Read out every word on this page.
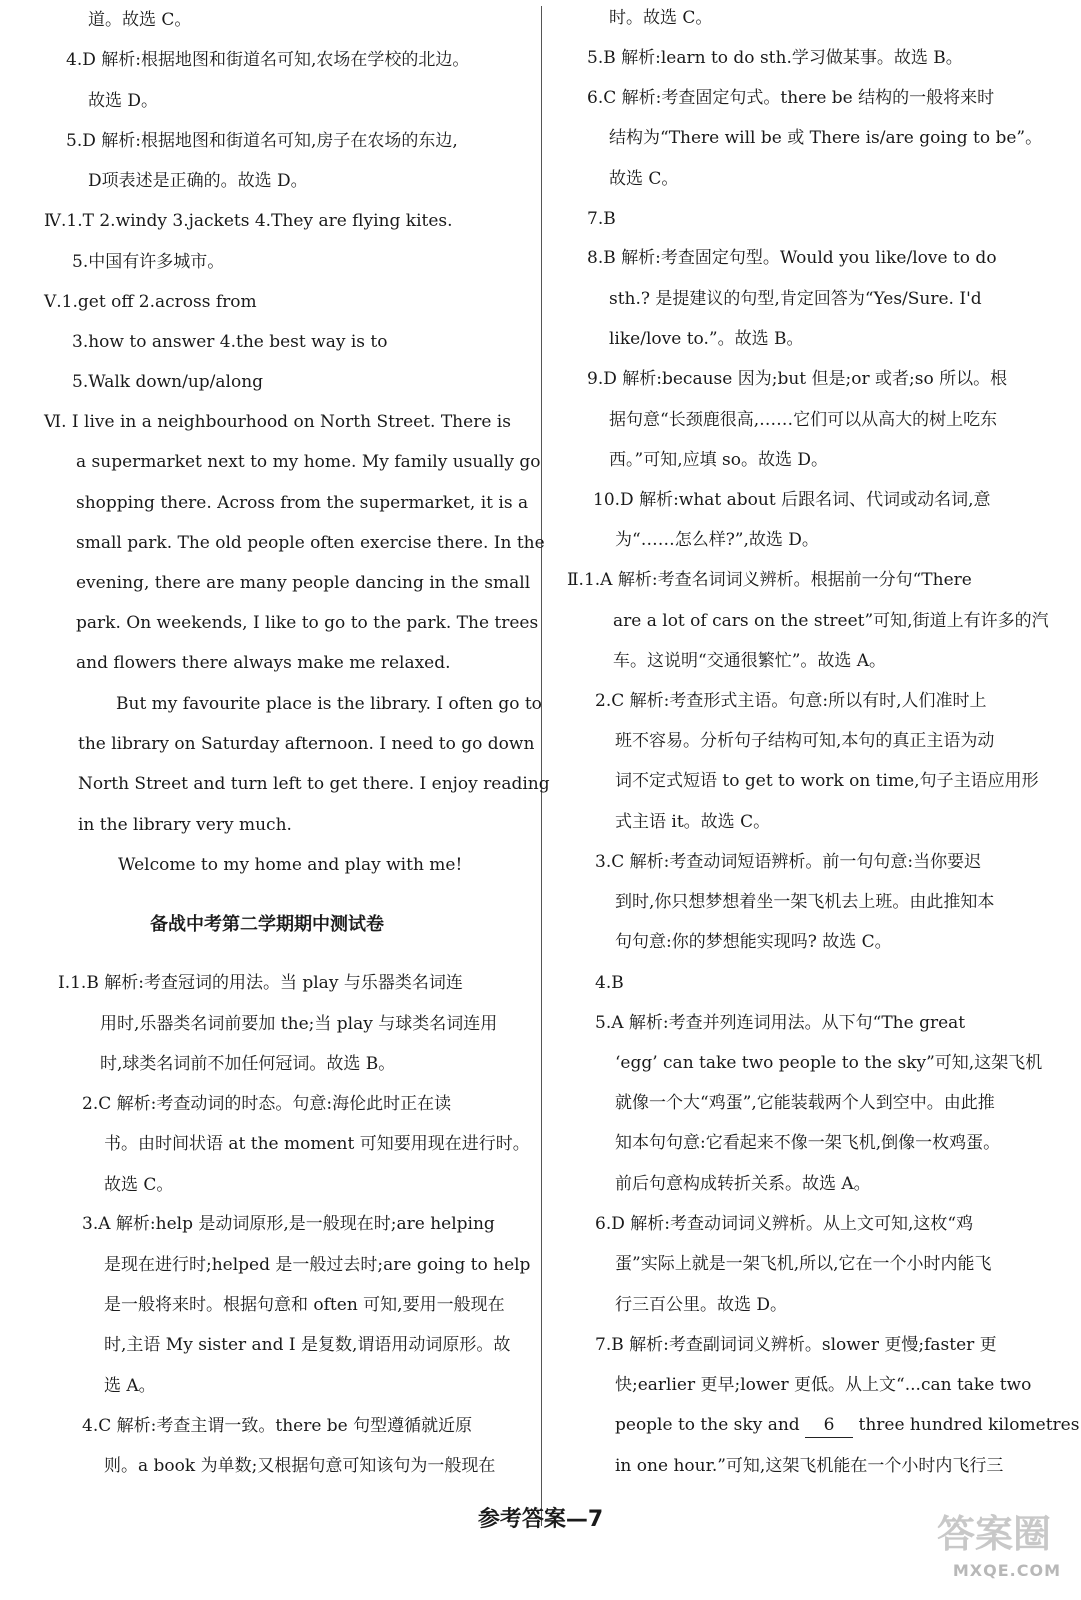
道。故选 C。
4.D 解析:根据地图和街道名可知,农场在学校的北边。
故选 D。
5.D 解析:根据地图和街道名可知,房子在农场的东边,
D项表述是正确的。故选 D。
Ⅳ.1.T 2.windy 3.jackets 4.They are flying kites.
5.中国有许多城市。
Ⅴ.1.get off 2.across from
3.how to answer 4.the best way is to
5.Walk down/up/along
Ⅵ. I live in a neighbourhood on North Street. There is
a supermarket next to my home. My family usually go
shopping there. Across from the supermarket, it is a
small park. The old people often exercise there. In the
evening, there are many people dancing in the small
park. On weekends, I like to go to the park. The trees
and flowers there always make me relaxed.
But my favourite place is the library. I often go to
the library on Saturday afternoon. I need to go down
North Street and turn left to get there. I enjoy reading
in the library very much.
Welcome to my home and play with me!
Ⅰ.1.B 解析:考查冠词的用法。当 play 与乐器类名词连
用时,乐器类名词前要加 the;当 play 与球类名词连用
时,球类名词前不加任何冠词。故选 B。
2.C 解析:考查动词的时态。句意:海伦此时正在读
书。由时间状语 at the moment 可知要用现在进行时。
故选 C。
3.A 解析:help 是动词原形,是一般现在时;are helping
是现在进行时;helped 是一般过去时;are going to help
是一般将来时。根据句意和 often 可知,要用一般现在
时,主语 My sister and I 是复数,谓语用动词原形。故
选 A。
4.C 解析:考查主谓一致。there be 句型遵循就近原
则。a book 为单数;又根据句意可知该句为一般现在
时。故选 C。
5.B 解析:learn to do sth.学习做某事。故选 B。
6.C 解析:考查固定句式。there be 结构的一般将来时
结构为“There will be 或 There is/are going to be”。
故选 C。
7.B
8.B 解析:考查固定句型。Would you like/love to do
sth.? 是提建议的句型,肯定回答为“Yes/Sure. I'd
like/love to.”。故选 B。
9.D 解析:because 因为;but 但是;or 或者;so 所以。根
据句意“长颈鹿很高,……它们可以从高大的树上吃东
西。”可知,应填 so。故选 D。
10.D 解析:what about 后跟名词、代词或动名词,意
为“……怎么样?”,故选 D。
Ⅱ.1.A 解析:考查名词词义辨析。根据前一分句“There
are a lot of cars on the street”可知,街道上有许多的汽
车。这说明“交通很繁忙”。故选 A。
2.C 解析:考查形式主语。句意:所以有时,人们准时上
班不容易。分析句子结构可知,本句的真正主语为动
词不定式短语 to get to work on time,句子主语应用形
式主语 it。故选 C。
3.C 解析:考查动词短语辨析。前一句句意:当你要迟
到时,你只想梦想着坐一架飞机去上班。由此推知本
句句意:你的梦想能实现吗? 故选 C。
4.B
5.A 解析:考查并列连词用法。从下句“The great
‘egg’ can take two people to the sky”可知,这架飞机
就像一个大“鸡蛋”,它能装载两个人到空中。由此推
知本句句意:它看起来不像一架飞机,倒像一枚鸡蛋。
前后句意构成转折关系。故选 A。
6.D 解析:考查动词词义辨析。从上文可知,这枚“鸡
蛋”实际上就是一架飞机,所以,它在一个小时内能飞
行三百公里。故选 D。
7.B 解析:考查副词词义辨析。slower 更慢;faster 更
快;earlier 更早;lower 更低。从上文“...can take two
people to the sky and 6 three hundred kilometres
in one hour.”可知,这架飞机能在一个小时内飞行三
备战中考第二学期期中测试卷
参考答案—7	答案圈
MXQE.COM
